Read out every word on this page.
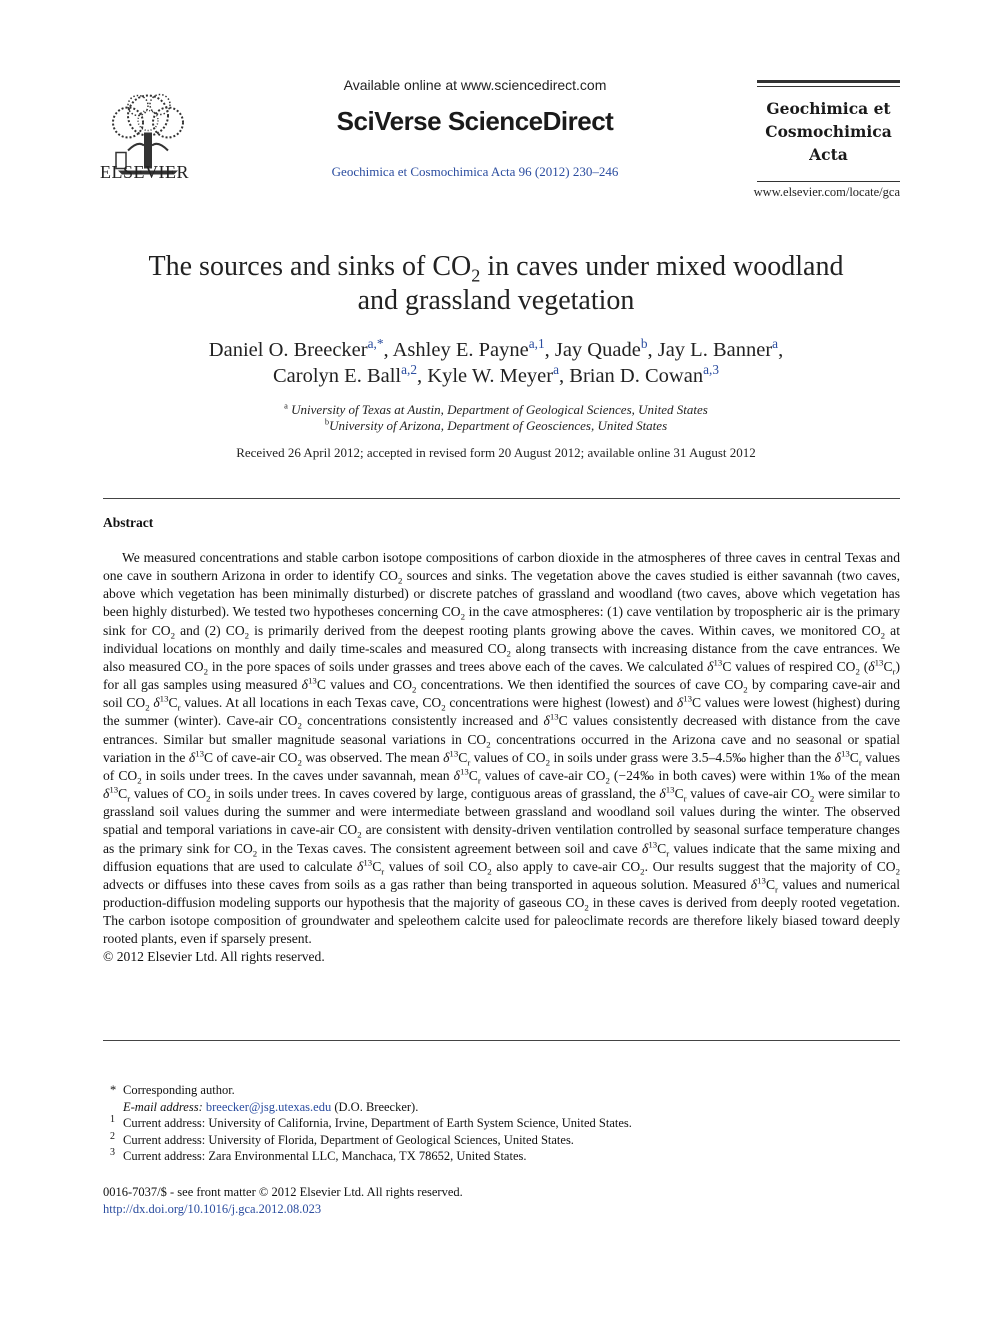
ELSEVIER
Available online at www.sciencedirect.com
SciVerse ScienceDirect
Geochimica et Cosmochimica Acta 96 (2012) 230–246
Geochimica et
Cosmochimica
Acta
www.elsevier.com/locate/gca
The sources and sinks of $CO_2$ in caves under mixed woodland
and grassland vegetation
Daniel O. Breecker$^{a,*}$, Ashley E. Payne$^{a,1}$, Jay Quade$^b$, Jay L. Banner$^a$,
Carolyn E. Ball$^{a,2}$, Kyle W. Meyer$^a$, Brian D. Cowan$^{a,3}$
$^a$ University of Texas at Austin, Department of Geological Sciences, United States
$^b$University of Arizona, Department of Geosciences, United States
Received 26 April 2012; accepted in revised form 20 August 2012; available online 31 August 2012
Abstract

We measured concentrations and stable carbon isotope compositions of carbon dioxide in the atmospheres of three caves in central Texas and one cave in southern Arizona in order to identify $CO_2$ sources and sinks. The vegetation above the caves studied is either savannah (two caves, above which vegetation has been minimally disturbed) or discrete patches of grassland and woodland (two caves, above which vegetation has been highly disturbed). We tested two hypotheses concerning $CO_2$ in the cave atmospheres: (1) cave ventilation by tropospheric air is the primary sink for $CO_2$ and (2) $CO_2$ is primarily derived from the deepest rooting plants growing above the caves. Within caves, we monitored $CO_2$ at individual locations on monthly and daily time-scales and measured $CO_2$ along transects with increasing distance from the cave entrances. We also measured $CO_2$ in the pore spaces of soils under grasses and trees above each of the caves. We calculated $\delta^{13}C$ values of respired $CO_2$ $(\delta^{13}C_r)$ for all gas samples using measured $\delta^{13}C$ values and $CO_2$ concentrations. We then identified the sources of cave $CO_2$ by comparing cave-air and soil $CO_2$ $\delta^{13}C_r$ values. At all locations in each Texas cave, $CO_2$ concentrations were highest (lowest) and $\delta^{13}C$ values were lowest (highest) during the summer (winter). Cave-air $CO_2$ concentrations consistently increased and $\delta^{13}C$ values consistently decreased with distance from the cave entrances. Similar but smaller magnitude seasonal variations in $CO_2$ concentrations occurred in the Arizona cave and no seasonal or spatial variation in the $\delta^{13}C$ of cave-air $CO_2$ was observed. The mean $\delta^{13}C_r$ values of $CO_2$ in soils under grass were 3.5–4.5‰ higher than the $\delta^{13}C_r$ values of $CO_2$ in soils under trees. In the caves under savannah, mean $\delta^{13}C_r$ values of cave-air $CO_2$ (−24‰ in both caves) were within 1‰ of the mean $\delta^{13}C_r$ values of $CO_2$ in soils under trees. In caves covered by large, contiguous areas of grassland, the $\delta^{13}C_r$ values of cave-air $CO_2$ were similar to grassland soil values during the summer and were intermediate between grassland and woodland soil values during the winter. The observed spatial and temporal variations in cave-air $CO_2$ are consistent with density-driven ventilation controlled by seasonal surface temperature changes as the primary sink for $CO_2$ in the Texas caves. The consistent agreement between soil and cave $\delta^{13}C_r$ values indicate that the same mixing and diffusion equations that are used to calculate $\delta^{13}C_r$ values of soil $CO_2$ also apply to cave-air $CO_2$. Our results suggest that the majority of $CO_2$ advects or diffuses into these caves from soils as a gas rather than being transported in aqueous solution. Measured $\delta^{13}C_r$ values and numerical production-diffusion modeling supports our hypothesis that the majority of gaseous $CO_2$ in these caves is derived from deeply rooted vegetation. The carbon isotope composition of groundwater and speleothem calcite used for paleoclimate records are therefore likely biased toward deeply rooted plants, even if sparsely present.

© 2012 Elsevier Ltd. All rights reserved.

* Corresponding author.
E-mail address: breecker@jsg.utexas.edu (D.O. Breecker).
1 Current address: University of California, Irvine, Department of Earth System Science, United States.
2 Current address: University of Florida, Department of Geological Sciences, United States.
3 Current address: Zara Environmental LLC, Manchaca, TX 78652, United States.
0016-7037/$ - see front matter © 2012 Elsevier Ltd. All rights reserved.
http://dx.doi.org/10.1016/j.gca.2012.08.023
